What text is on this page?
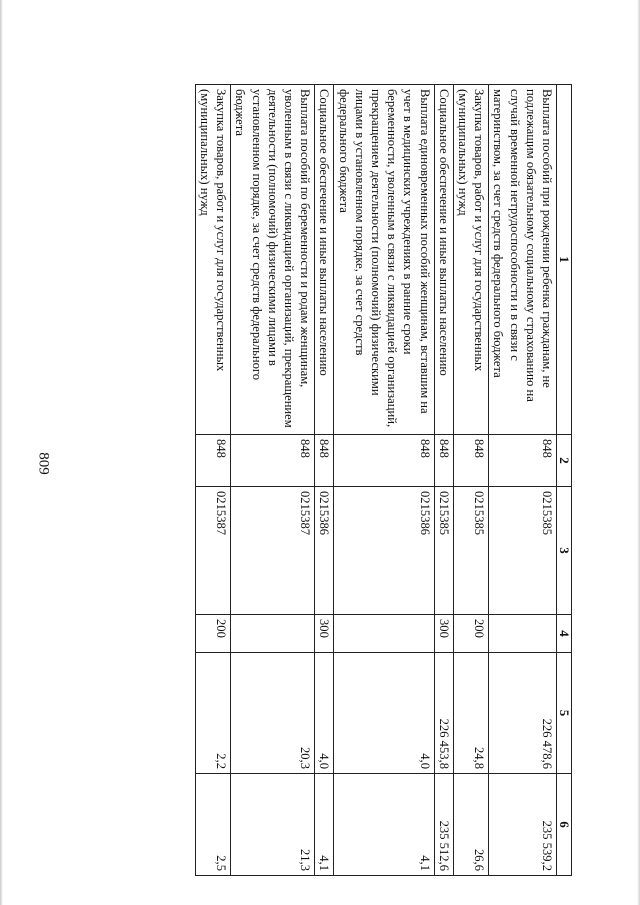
809
1	2	3	4	5	6
Выплата пособий при рождении ребенка гражданам, не подлежащим обязательному социальному страхованию на случай временной нетрудоспособности и в связи с материнством, за счет средств федерального бюджета	848	0215385		226 478,6	235 539,2
Закупка товаров, работ и услуг для государственных (муниципальных) нужд	848	0215385	200	24,8	26,6
Социальное обеспечение и иные выплаты населению	848	0215385	300	226 453,8	235 512,6
Выплата единовременных пособий женщинам, вставшим на учет в медицинских учреждениях в ранние сроки беременности, уволенным в связи с ликвидацией организаций, прекращением деятельности (полномочий) физическими лицами в установленном порядке, за счет средств федерального бюджета	848	0215386		4,0	4,1
Социальное обеспечение и иные выплаты населению	848	0215386	300	4,0	4,1
Выплата пособий по беременности и родам женщинам, уволенным в связи с ликвидацией организаций, прекращением деятельности (полномочий) физическими лицами в установленном порядке, за счет средств федерального бюджета	848	0215387		20,3	21,3
Закупка товаров, работ и услуг для государственных (муниципальных) нужд	848	0215387	200	2,2	2,5
